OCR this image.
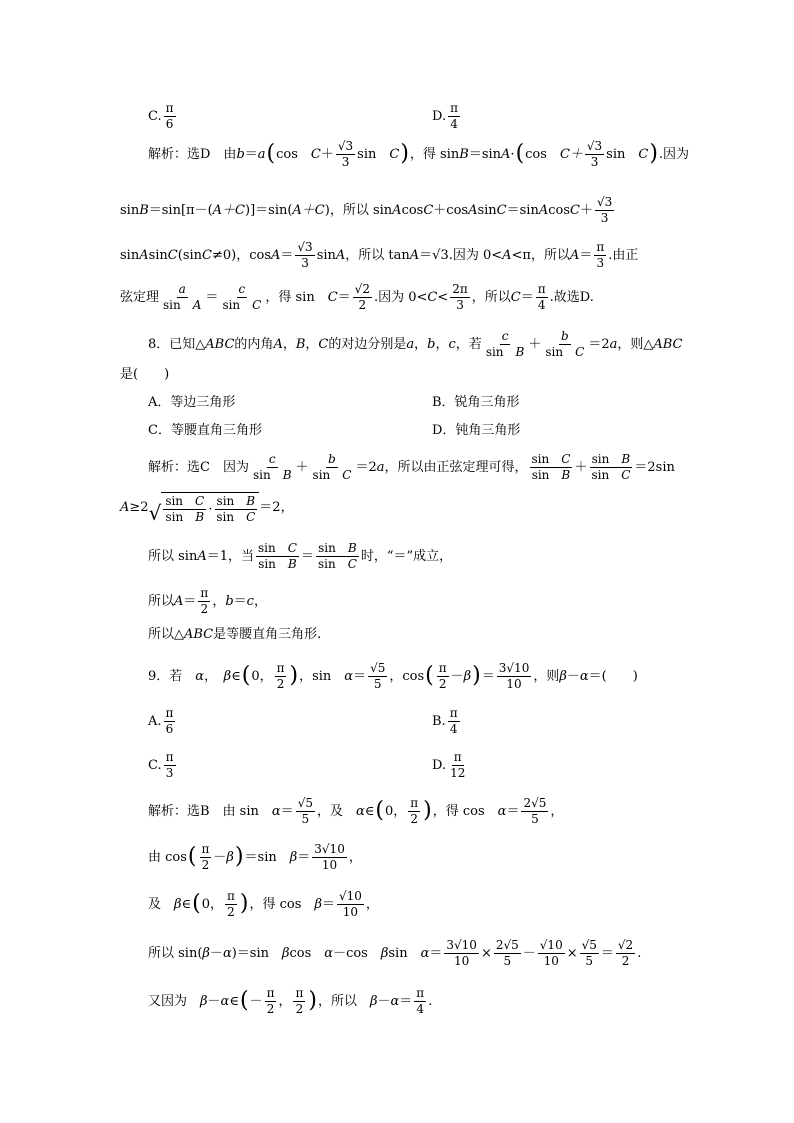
C. $\frac{\pi}{6}$	D. $\frac{\pi}{4}$
解析：选D　由 b ＝ a ( cos　 $C + \frac{√3}{3}$ sin　 C ) ，得 sin B ＝sin A · ( cos　 $C+ \frac{√3}{3}$ sin　 C ) .因为
sin B ＝sin[π－( A＋C )]＝sin( A＋C )，所以 sin A cos C ＋cos A sin C ＝sin A $\cos C + \frac{√3}{3}$
sin A sin C (sin C ≠0)，$\cos A = \frac{√3}{3}$ sin A ，所以 tan A ＝√3.因为 0< A <π，所以 $A = \frac{\pi}{3}$ .由正
弦定理 $\frac{a}{\text{sin　A}} = \frac{c}{\text{sin　C}}$ ，得 sin　 $C = \frac{√2}{2}$ .因为 $0< C < \frac{2\pi}{3}$ ，所以 $C = \frac{\pi}{4}$ .故选D.
8．已知△ ABC 的内角 A ， B ， C 的对边分别是 a ， b ， c ，若 $\frac{c}{\text{sin　B}} + \frac{b}{\text{sin　C}} =2$ a ，则△ ABC
是(　　)
A．等边三角形	B．锐角三角形
C．等腰直角三角形	D．钝角三角形
解析：选C　因为 $\frac{c}{\text{sin　B}} + \frac{b}{\text{sin　C}} =2$ a ，所以由正弦定理可得， $\frac{\text{sin　C}}{\text{sin　B}} + \frac{\text{sin　B}}{\text{sin　C}} =2\sin$
A ≥2 √ $\frac{\text{sin　C}}{\text{sin　B}} \cdot \frac{\text{sin　B}}{\text{sin　C}} =2$，
所以 sin A ＝1，当 $\frac{\text{sin　C}}{\text{sin　B}} = \frac{\text{sin　B}}{\text{sin　C}}$ 时，“＝”成立，
所以 $A = \frac{\pi}{2}$ ， b ＝ c ，
所以△ ABC 是等腰直角三角形.
9．若　 α ，　 β ∈ ( 0， $\frac{\pi}{2}$ ) ，sin　 $\alpha = \frac{√5}{5}$ ，cos ( $\frac{\pi}{2} - \beta$ ) ＝ $\frac{3√10}{10}$ ，则 β － α ＝(　　)
A. $\frac{\pi}{6}$	B. $\frac{\pi}{4}$
C. $\frac{\pi}{3}$	D. $\frac{\pi}{12}$
解析：选B　由 sin　 $\alpha = \frac{√5}{5}$ ，及　 α ∈ ( 0， $\frac{\pi}{2}$ ) ，得 cos　 $\alpha = \frac{2√5}{5}$ ，
由 cos ( $\frac{\pi}{2} - \beta$ ) ＝sin　 $\beta = \frac{3√10}{10}$ ，
及　 β ∈ ( 0， $\frac{\pi}{2}$ ) ，得 cos　 $\beta = \frac{√10}{10}$ ，
所以 sin( β － α )＝sin　 β cos　 α －cos　 β sin　 $\alpha = \frac{3√10}{10} \times \frac{2√5}{5} - \frac{√10}{10} \times \frac{√5}{5} = \frac{√2}{2}$ .
又因为　 β － α ∈ ( － $\frac{\pi}{2}$ ， $\frac{\pi}{2}$ ) ，所以　 $\beta - \alpha = \frac{\pi}{4}$ .
